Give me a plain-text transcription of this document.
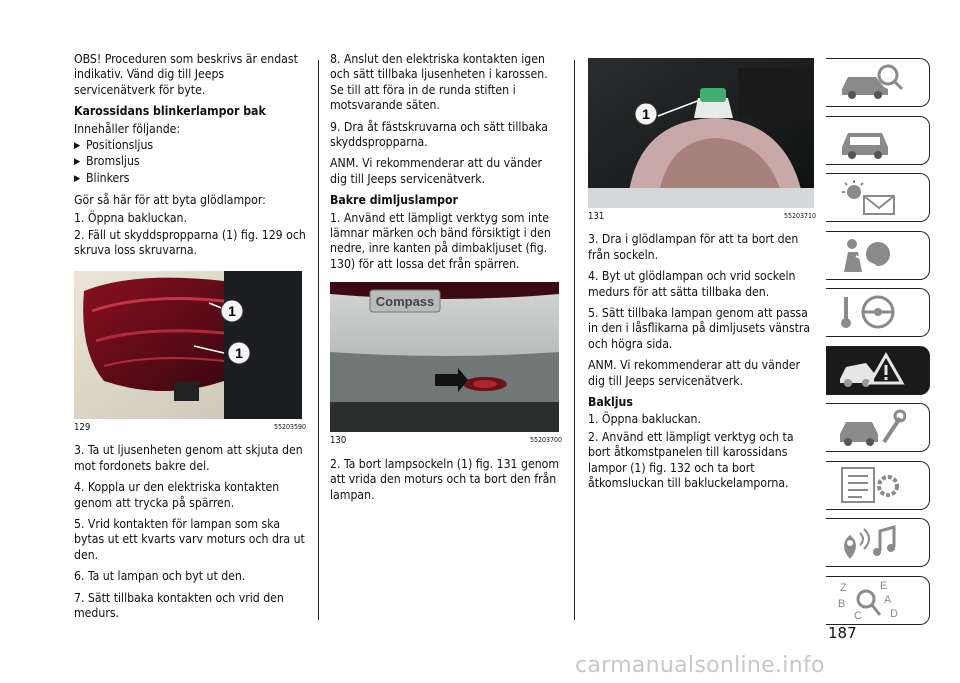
OBS! Proceduren som beskrivs är endast indikativ. Vänd dig till Jeeps servicenätverk för byte.

Karossidans blinkerlampor bak

Innehåller följande:

▶ Positionsljus
▶ Bromsljus
▶ Blinkers

Gör så här för att byta glödlampor:

1. Öppna bakluckan.

2. Fäll ut skyddspropparna (1) fig. 129 och skruva loss skruvarna.

1
1
129	55203590

3. Ta ut ljusenheten genom att skjuta den mot fordonets bakre del.

4. Koppla ur den elektriska kontakten genom att trycka på spärren.

5. Vrid kontakten för lampan som ska bytas ut ett kvarts varv moturs och dra ut den.

6. Ta ut lampan och byt ut den.

7. Sätt tillbaka kontakten och vrid den medurs.

8. Anslut den elektriska kontakten igen och sätt tillbaka ljusenheten i karossen. Se till att föra in de runda stiften i motsvarande säten.

9. Dra åt fästskruvarna och sätt tillbaka skyddspropparna.

ANM. Vi rekommenderar att du vänder dig till Jeeps servicenätverk.

Bakre dimljuslampor

1. Använd ett lämpligt verktyg som inte lämnar märken och bänd försiktigt i den nedre, inre kanten på dimbakljuset (fig. 130) för att lossa det från spärren.

Compass
130	55203700

2. Ta bort lampsockeln (1) fig. 131 genom att vrida den moturs och ta bort den från lampan.

1
131	55203710

3. Dra i glödlampan för att ta bort den från sockeln.

4. Byt ut glödlampan och vrid sockeln medurs för att sätta tillbaka den.

5. Sätt tillbaka lampan genom att passa in den i låsflikarna på dimljusets vänstra och högra sida.

ANM. Vi rekommenderar att du vänder dig till Jeeps servicenätverk.

Bakljus

1. Öppna bakluckan.

2. Använd ett lämpligt verktyg och ta bort åtkomstpanelen till karossidans lampor (1) fig. 132 och ta bort åtkomsluckan till bakluckelamporna.

Z	E
A
B
C	D
187
carmanualsonline.info
